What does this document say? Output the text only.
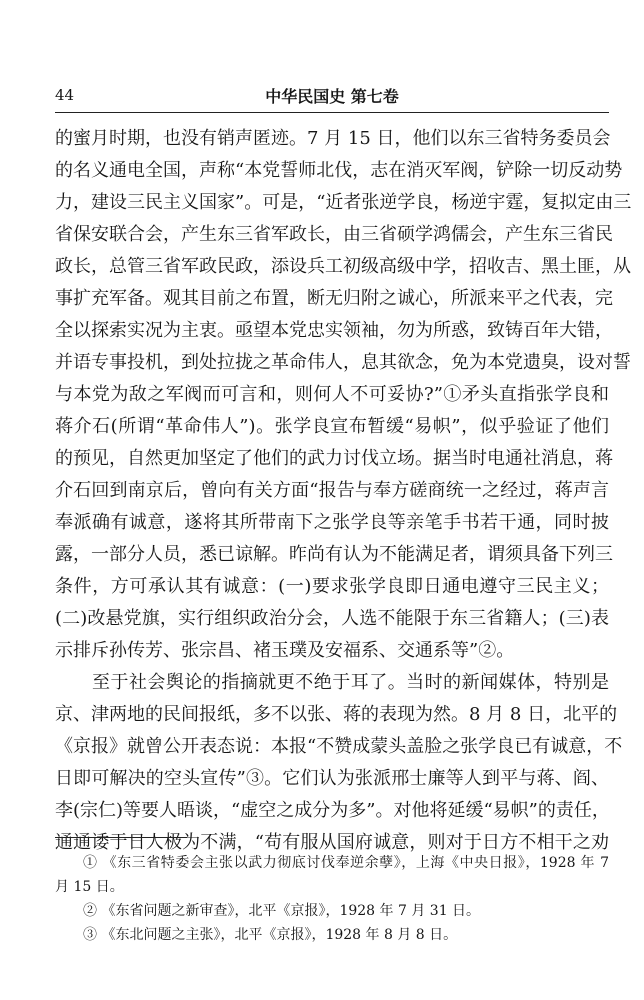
44	中华民国史 第七卷
的蜜月时期，也没有销声匿迹。7 月 15 日，他们以东三省特务委员会
的名义通电全国，声称“本党誓师北伐，志在消灭军阀，铲除一切反动势
力，建设三民主义国家”。可是，“近者张逆学良，杨逆宇霆，复拟定由三
省保安联合会，产生东三省军政长，由三省硕学鸿儒会，产生东三省民
政长，总管三省军政民政，添设兵工初级高级中学，招收吉、黑土匪，从
事扩充军备。观其目前之布置，断无归附之诚心，所派来平之代表，完
全以探索实况为主衷。亟望本党忠实领袖，勿为所惑，致铸百年大错，
并语专事投机，到处拉拢之革命伟人，息其欲念，免为本党遗臭，设对誓
与本党为敌之军阀而可言和，则何人不可妥协?”①矛头直指张学良和
蒋介石(所谓“革命伟人”)。张学良宣布暂缓“易帜”，似乎验证了他们
的预见，自然更加坚定了他们的武力讨伐立场。据当时电通社消息，蒋
介石回到南京后，曾向有关方面“报告与奉方磋商统一之经过，蒋声言
奉派确有诚意，遂将其所带南下之张学良等亲笔手书若干通，同时披
露，一部分人员，悉已谅解。昨尚有认为不能满足者，谓须具备下列三
条件，方可承认其有诚意：(一)要求张学良即日通电遵守三民主义；
(二)改悬党旗，实行组织政治分会，人选不能限于东三省籍人；(三)表
示排斥孙传芳、张宗昌、褚玉璞及安福系、交通系等”②。
　　至于社会舆论的指摘就更不绝于耳了。当时的新闻媒体，特别是
京、津两地的民间报纸，多不以张、蒋的表现为然。8 月 8 日，北平的
《京报》就曾公开表态说：本报“不赞成蒙头盖脸之张学良已有诚意，不
日即可解决的空头宣传”③。它们认为张派邢士廉等人到平与蒋、阎、
李(宗仁)等要人晤谈，“虚空之成分为多”。对他将延缓“易帜”的责任，
通通诿于日人极为不满，“苟有服从国府诚意，则对于日方不相干之劝
① 《东三省特委会主张以武力彻底讨伐奉逆余孽》，上海《中央日报》，1928 年 7
月 15 日。
② 《东省问题之新审查》，北平《京报》，1928 年 7 月 31 日。
③ 《东北问题之主张》，北平《京报》，1928 年 8 月 8 日。
